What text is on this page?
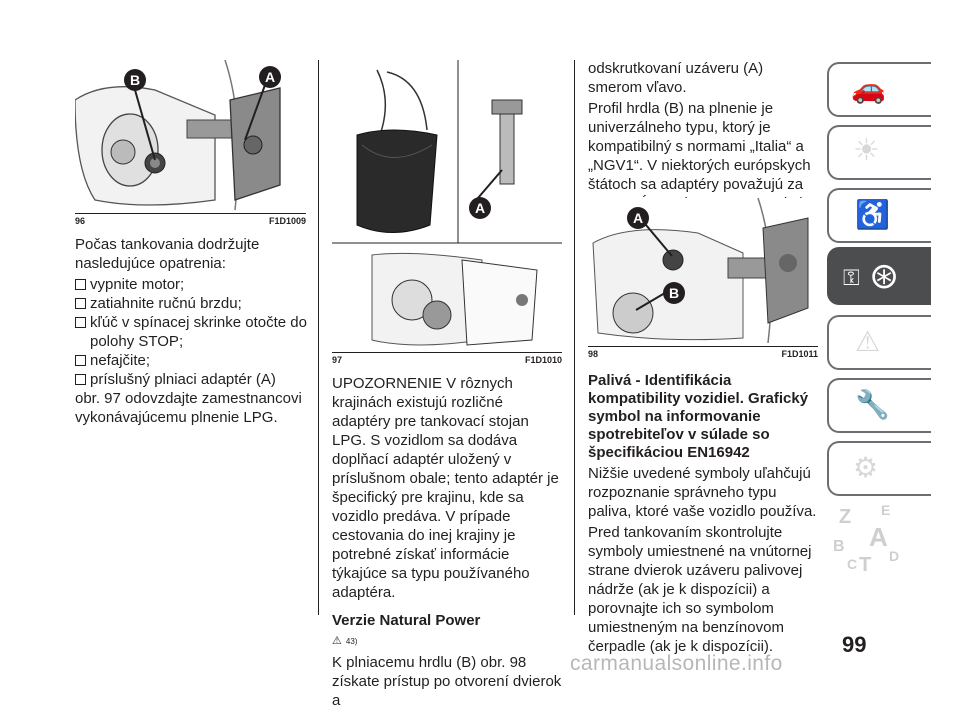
B	A
96	F1D1009

Počas tankovania dodržujte nasledujúce opatrenia:

vypnite motor;
zatiahnite ručnú brzdu;
kľúč v spínacej skrinke otočte do polohy STOP;
nefajčite;
príslušný plniaci adaptér (A)

obr. 97 odovzdajte zamestnancovi vykonávajúcemu plnenie LPG.

A
97	F1D1010

UPOZORNENIE V rôznych krajinách existujú rozličné adaptéry pre tankovací stojan LPG. S vozidlom sa dodáva doplňací adaptér uložený v príslušnom obale; tento adaptér je špecifický pre krajinu, kde sa vozidlo predáva. V prípade cestovania do inej krajiny je potrebné získať informácie týkajúce sa typu používaného adaptéra.

Verzie Natural Power
⚠ 43)

K plniacemu hrdlu (B) obr. 98 získate prístup po otvorení dvierok a

odskrutkovaní uzáveru (A) smerom vľavo.

Profil hrdla (B) na plnenie je univerzálneho typu, ktorý je kompatibilný s normami „Italia“ a „NGV1“. V niektorých európskych štátoch sa adaptéry považujú za

A
B
98	F1D1011
Palivá - Identifikácia kompatibility vozidiel. Grafický symbol na informovanie spotrebiteľov v súlade so špecifikáciou EN16942

Nižšie uvedené symboly uľahčujú rozpoznanie správneho typu paliva, ktoré vaše vozidlo používa.

Pred tankovaním skontrolujte symboly umiestnené na vnútornej strane dvierok uzáveru palivovej nádrže (ak je k dispozícii) a porovnajte ich so symbolom umiestneným na benzínovom čerpadle (ak je k dispozícii).

🚗
☀
♿
⊛
⚿
⚠
🔧
⚙
Z E
A
B
C T D
99
carmanualsonline.info
